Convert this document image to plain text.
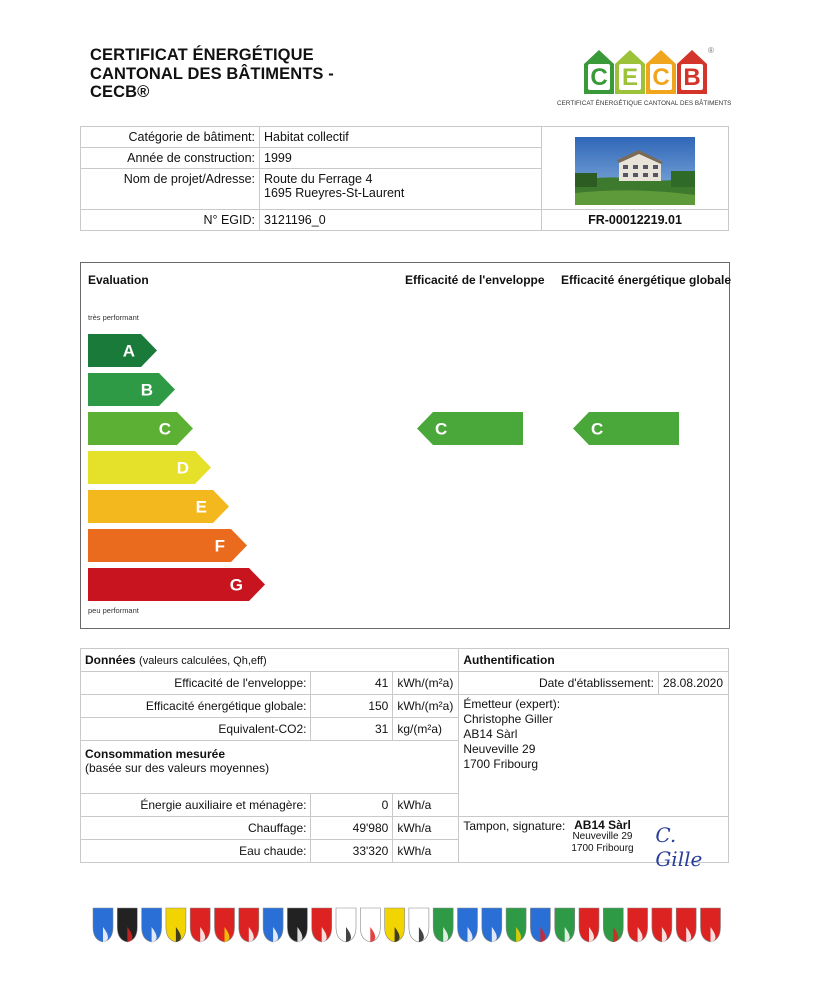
CERTIFICAT ÉNERGÉTIQUE
CANTONAL DES BÂTIMENTS -
CECB®
C E C B
®
CERTIFICAT ÉNERGÉTIQUE CANTONAL DES BÂTIMENTS
Catégorie de bâtiment:	Habitat collectif	

Année de construction:	1999	
Nom de projet/Adresse:	Route du Ferrage 4
1695 Rueyres-St-Laurent	

N° EGID:	3121196_0	FR-00012219.01
Evaluation	Efficacité de l'enveloppe Efficacité énergétique globale
très performant
peu performant
A
B
C
D
E
F
G
C	C
Données (valeurs calculées, Qh,eff)			Authentification	
Efficacité de l'enveloppe:	41	kWh/(m²a)	Date d'établissement:	28.08.2020
Efficacité énergétique globale:	150	kWh/(m²a)	Émetteur (expert):
Christophe Giller
AB14 Sàrl
Neuveville 29
1700 Fribourg	

Equivalent-CO2:	31	kg/(m²a)		

Consommation mesurée
(basée sur des valeurs moyennes)				

Énergie auxiliaire et ménagère:	0	kWh/a		
Chauffage:	49'980	kWh/a	Tampon, signature: AB14 Sàrl
Neuveville 29
1700 Fribourg
C. Gille	

Eau chaude:	33'320	kWh/a		
